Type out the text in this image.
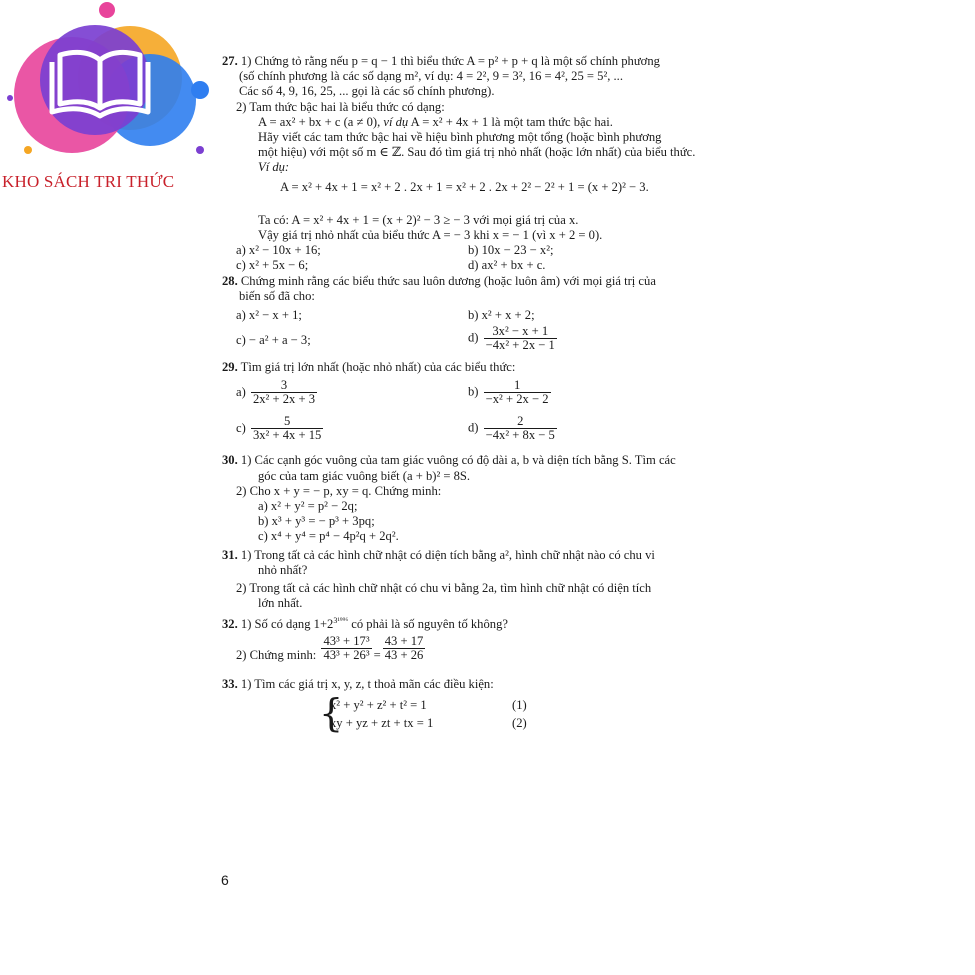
KHO SÁCH TRI THỨC
27. 1) Chứng tỏ rằng nếu p = q − 1 thì biểu thức A = p² + p + q là một số chính phương
(số chính phương là các số dạng m², ví dụ: 4 = 2², 9 = 3², 16 = 4², 25 = 5², ...
Các số 4, 9, 16, 25, ... gọi là các số chính phương).
2) Tam thức bậc hai là biểu thức có dạng:
A = ax² + bx + c (a ≠ 0), ví dụ A = x² + 4x + 1 là một tam thức bậc hai.
Hãy viết các tam thức bậc hai về hiệu bình phương một tổng (hoặc bình phương
một hiệu) với một số m ∈ ℤ. Sau đó tìm giá trị nhỏ nhất (hoặc lớn nhất) của biểu thức.
Ví dụ:
A = x² + 4x + 1 = x² + 2 . 2x + 1 = x² + 2 . 2x + 2² − 2² + 1 = (x + 2)² − 3.
Ta có: A = x² + 4x + 1 = (x + 2)² − 3 ≥ − 3 với mọi giá trị của x.
Vậy giá trị nhỏ nhất của biểu thức A = − 3 khi x = − 1 (vì x + 2 = 0).
a) x² − 10x + 16;	b) 10x − 23 − x²;
c) x² + 5x − 6;	d) ax² + bx + c.
28. Chứng minh rằng các biểu thức sau luôn dương (hoặc luôn âm) với mọi giá trị của
biến số đã cho:
a) x² − x + 1;	b) x² + x + 2;
c) − a² + a − 3;	$d) \frac{\text{3x² − x + 1}}{\text{−4x² + 2x − 1}}$
29. Tìm giá trị lớn nhất (hoặc nhỏ nhất) của các biểu thức:
$a) \frac{3}{\text{2x² + 2x + 3}}$	$b) \frac{1}{\text{−x² + 2x − 2}}$
$c) \frac{5}{\text{3x² + 4x + 15}}$	$d) \frac{2}{\text{−4x² + 8x − 5}}$
30. 1) Các cạnh góc vuông của tam giác vuông có độ dài a, b và diện tích bằng S. Tìm các
góc của tam giác vuông biết (a + b)² = 8S.
2) Cho x + y = − p, xy = q. Chứng minh:
a) x² + y² = p² − 2q;
b) x³ + y³ = − p³ + 3pq;
c) x⁴ + y⁴ = p⁴ − 4p²q + 2q².
31. 1) Trong tất cả các hình chữ nhật có diện tích bằng a², hình chữ nhật nào có chu vi
nhỏ nhất?
2) Trong tất cả các hình chữ nhật có chu vi bằng 2a, tìm hình chữ nhật có diện tích
lớn nhất.
32. 1) Số có dạng $1+2^{3^{1996}}$ có phải là số nguyên tố không?
2) Chứng minh: $\frac{\text{43³ + 17³}}{\text{43³ + 26³}} = \frac{43 + 17}{43 + 26}$
33. 1) Tìm các giá trị x, y, z, t thoả mãn các điều kiện:
{
x² + y² + z² + t² = 1	(1)
xy + yz + zt + tx = 1	(2)
6
